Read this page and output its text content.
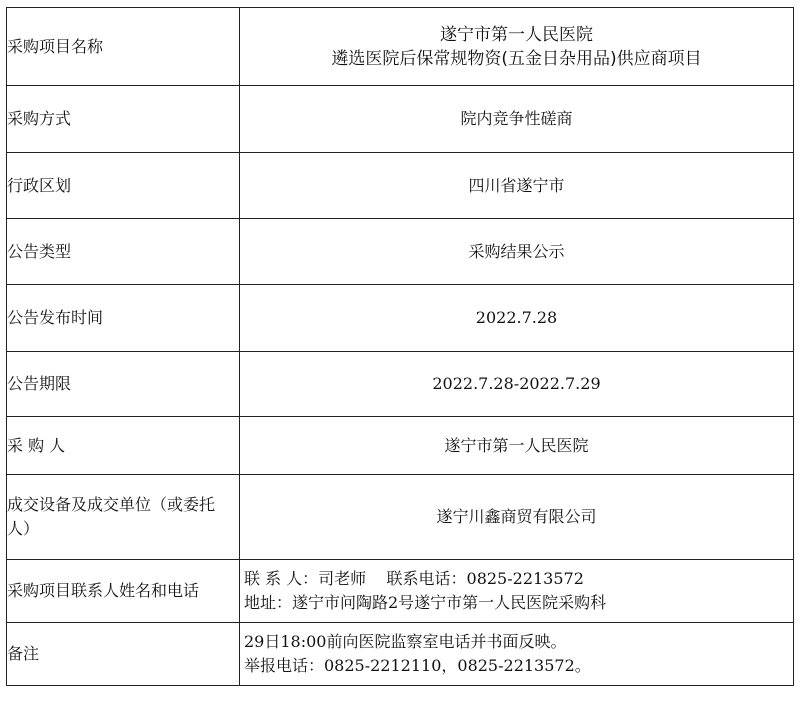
采购项目名称	遂宁市第一人民医院
遴选医院后保常规物资(五金日杂用品)供应商项目

采购方式	院内竞争性磋商
行政区划	四川省遂宁市
公告类型	采购结果公示
公告发布时间	2022.7.28
公告期限	2022.7.28-2022.7.29
采 购 人	遂宁市第一人民医院
成交设备及成交单位（或委托人）	遂宁川鑫商贸有限公司
采购项目联系人姓名和电话	联 系 人：司老师    联系电话：0825-2213572
地址：遂宁市问陶路2号遂宁市第一人民医院采购科

备注	29日18:00前向医院监察室电话并书面反映。
举报电话：0825-2212110，0825-2213572。
